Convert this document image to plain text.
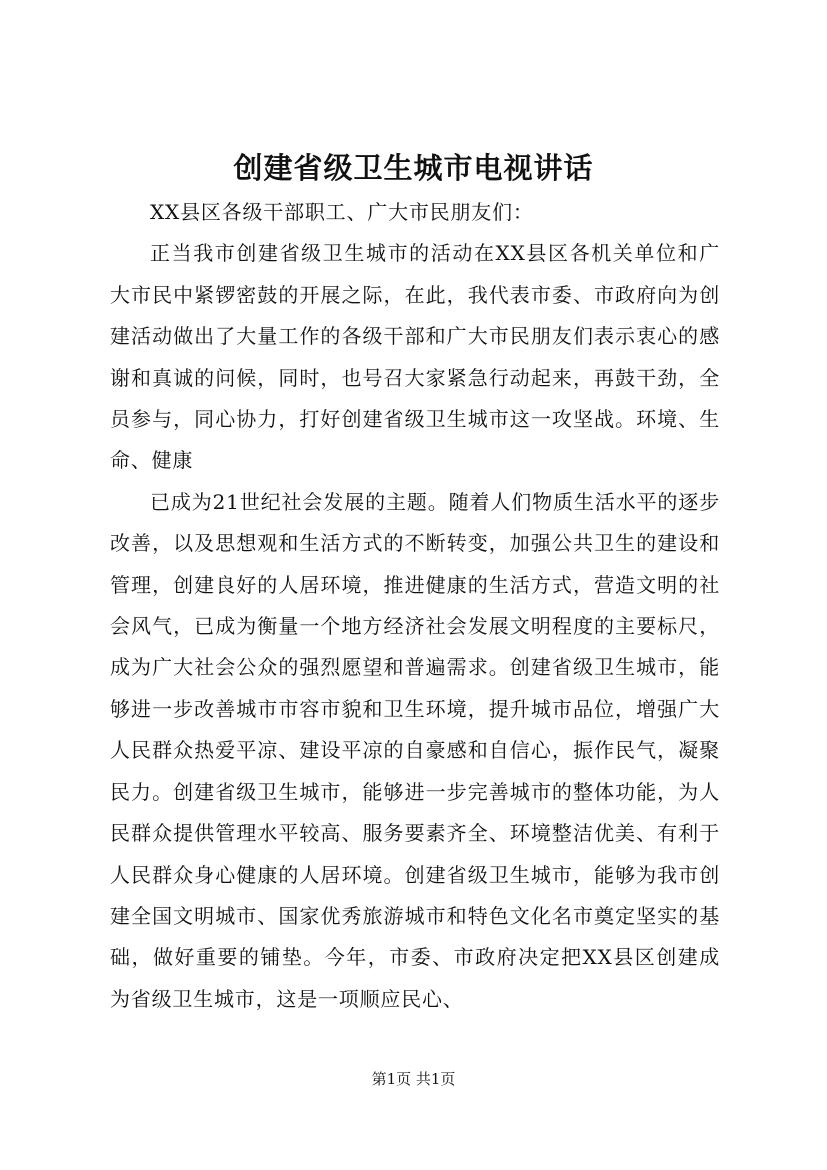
创建省级卫生城市电视讲话

XX县区各级干部职工、广大市民朋友们：

正当我市创建省级卫生城市的活动在XX县区各机关单位和广大市民中紧锣密鼓的开展之际，在此，我代表市委、市政府向为创建活动做出了大量工作的各级干部和广大市民朋友们表示衷心的感谢和真诚的问候，同时，也号召大家紧急行动起来，再鼓干劲，全员参与，同心协力，打好创建省级卫生城市这一攻坚战。环境、生命、健康

已成为21世纪社会发展的主题。随着人们物质生活水平的逐步改善，以及思想观和生活方式的不断转变，加强公共卫生的建设和管理，创建良好的人居环境，推进健康的生活方式，营造文明的社会风气，已成为衡量一个地方经济社会发展文明程度的主要标尺，成为广大社会公众的强烈愿望和普遍需求。创建省级卫生城市，能够进一步改善城市市容市貌和卫生环境，提升城市品位，增强广大人民群众热爱平凉、建设平凉的自豪感和自信心，振作民气，凝聚民力。创建省级卫生城市，能够进一步完善城市的整体功能，为人民群众提供管理水平较高、服务要素齐全、环境整洁优美、有利于人民群众身心健康的人居环境。创建省级卫生城市，能够为我市创建全国文明城市、国家优秀旅游城市和特色文化名市奠定坚实的基础，做好重要的铺垫。今年，市委、市政府决定把XX县区创建成为省级卫生城市，这是一项顺应民心、

第1页 共1页
